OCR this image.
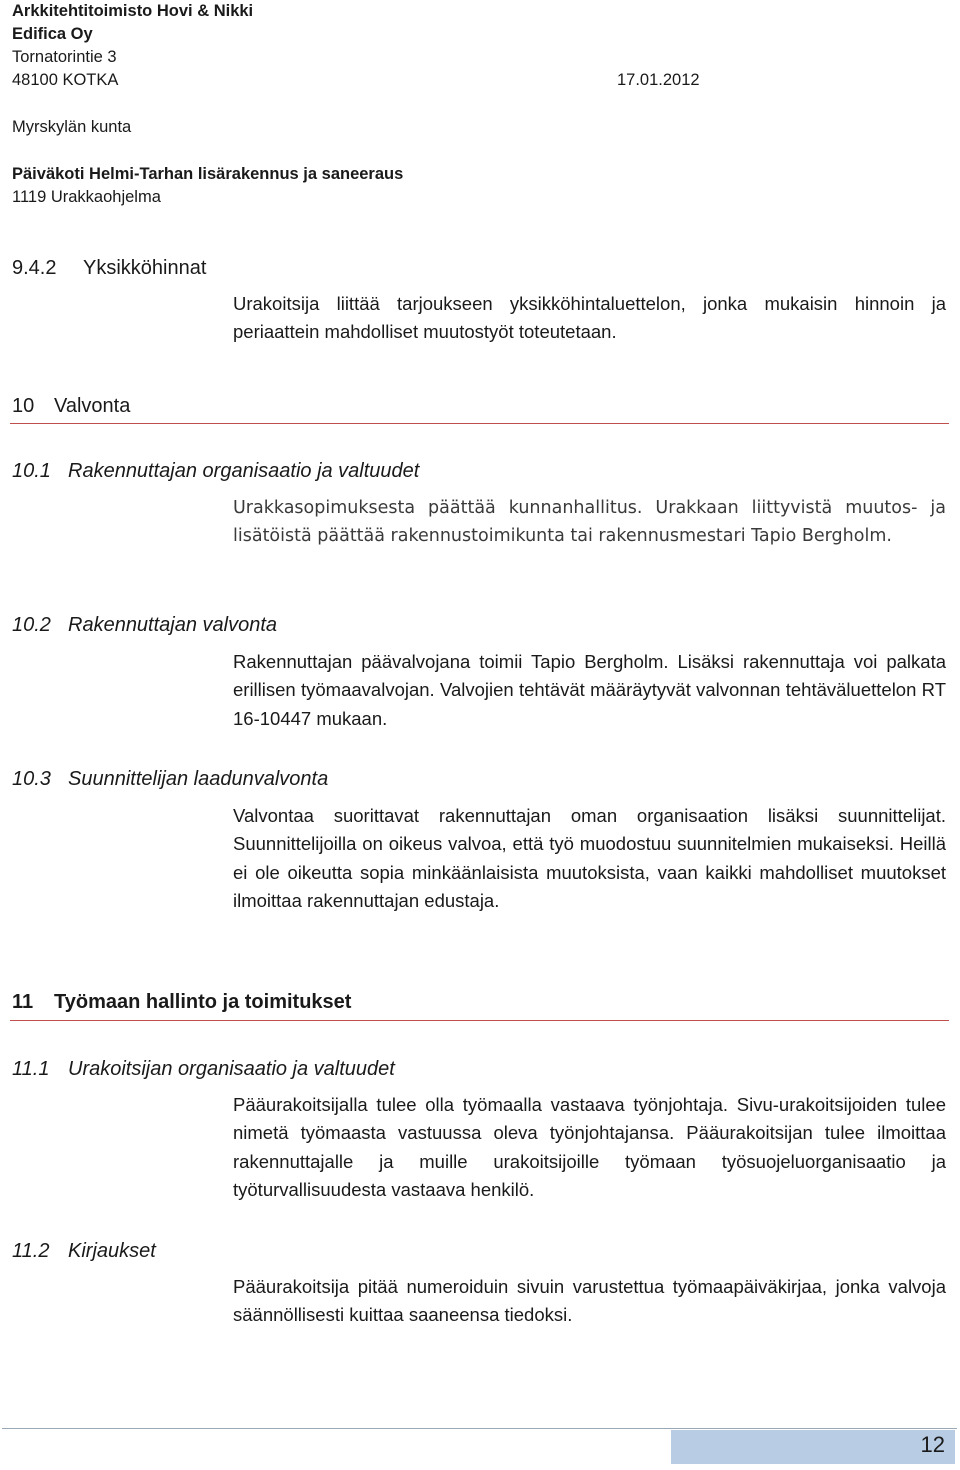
Arkkitehtitoimisto Hovi & Nikki
Edifica Oy
Tornatorintie 3
48100 KOTKA	17.01.2012
Myrskylän kunta
Päiväkoti Helmi-Tarhan lisärakennus ja saneeraus
1119 Urakkaohjelma
9.4.2 Yksikköhinnat
Urakoitsija liittää tarjoukseen yksikköhintaluettelon, jonka mukaisin hinnoin ja periaattein mahdolliset muutostyöt toteutetaan.
10 Valvonta
10.1 Rakennuttajan organisaatio ja valtuudet
Urakkasopimuksesta päättää kunnanhallitus. Urakkaan liittyvistä muutos- ja lisätöistä päättää rakennustoimikunta tai rakennusmestari Tapio Bergholm.
10.2 Rakennuttajan valvonta
Rakennuttajan päävalvojana toimii Tapio Bergholm. Lisäksi rakennuttaja voi palkata erillisen työmaavalvojan. Valvojien tehtävät määräytyvät valvonnan tehtäväluettelon RT 16-10447 mukaan.
10.3 Suunnittelijan laadunvalvonta
Valvontaa suorittavat rakennuttajan oman organisaation lisäksi suunnittelijat. Suunnittelijoilla on oikeus valvoa, että työ muodostuu suunnitelmien mukaiseksi. Heillä ei ole oikeutta sopia minkäänlaisista muutoksista, vaan kaikki mahdolliset muutokset ilmoittaa rakennuttajan edustaja.
11 Työmaan hallinto ja toimitukset
11.1 Urakoitsijan organisaatio ja valtuudet
Pääurakoitsijalla tulee olla työmaalla vastaava työnjohtaja. Sivu-urakoitsijoiden tulee nimetä työmaasta vastuussa oleva työnjohtajansa. Pääurakoitsijan tulee ilmoittaa rakennuttajalle ja muille urakoitsijoille työmaan työsuojeluorganisaatio ja työturvallisuudesta vastaava henkilö.
11.2 Kirjaukset
Pääurakoitsija pitää numeroiduin sivuin varustettua työmaapäiväkirjaa, jonka valvoja säännöllisesti kuittaa saaneensa tiedoksi.
12
